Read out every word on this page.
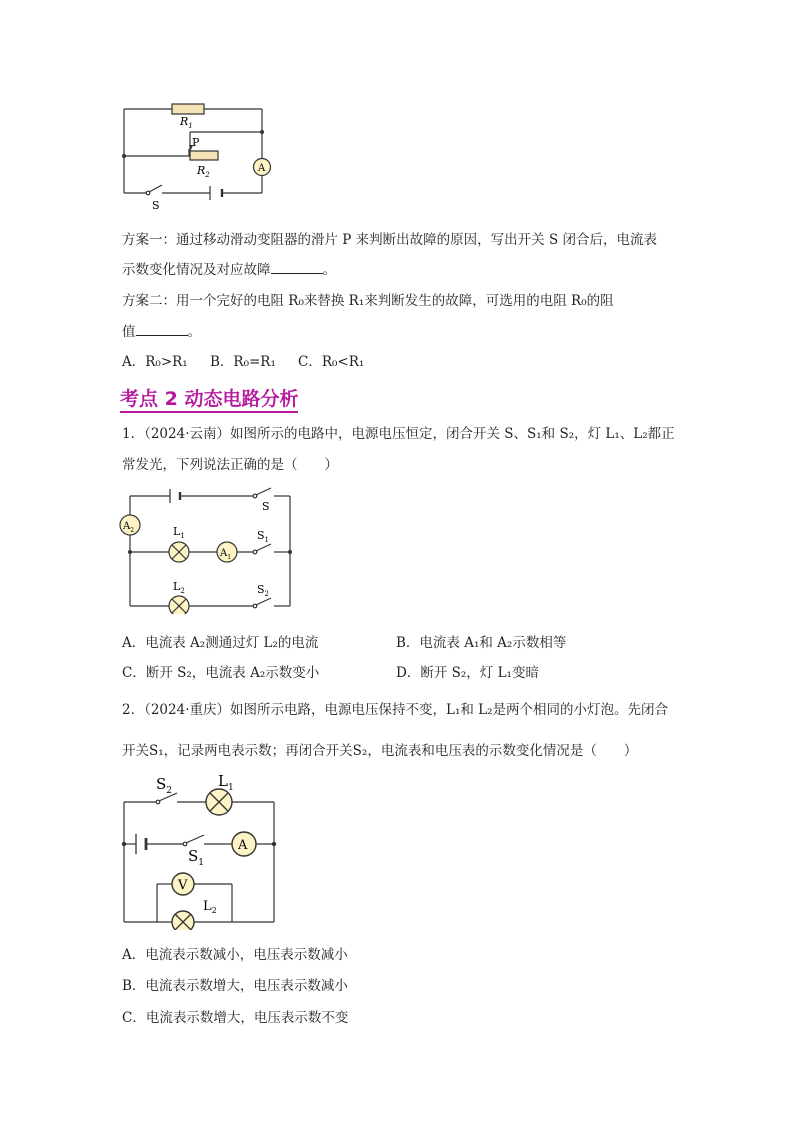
A
$R_1$
P
$R_2$
S
方案一：通过移动滑动变阻器的滑片 P 来判断出故障的原因，写出开关 S 闭合后，电流表
示数变化情况及对应故障	。
方案二：用一个完好的电阻 R₀来替换 R₁来判断发生的故障，可选用的电阻 R₀的阻
值	。
A．R₀>R₁ B．R₀=R₁ C．R₀<R₁
考点 2 动态电路分析
1．（2024·云南）如图所示的电路中，电源电压恒定，闭合开关 S、S₁和 S₂，灯 L₁、L₂都正
常发光，下列说法正确的是（　　）
$A_2$
$A_1$
S
$L_1$	$S_1$
$L_2$	$S_2$
A．电流表 A₂测通过灯 L₂的电流	B．电流表 A₁和 A₂示数相等
C．断开 S₂，电流表 A₂示数变小	D．断开 S₂，灯 L₁变暗
2．（2024·重庆）如图所示电路，电源电压保持不变，L₁和 L₂是两个相同的小灯泡。先闭合
开关S₁，记录两电表示数；再闭合开关S₂，电流表和电压表的示数变化情况是（　　）
A
V
$S_2$
$L_1$
$S_1$
$L_2$
A．电流表示数减小，电压表示数减小
B．电流表示数增大，电压表示数减小
C．电流表示数增大，电压表示数不变
